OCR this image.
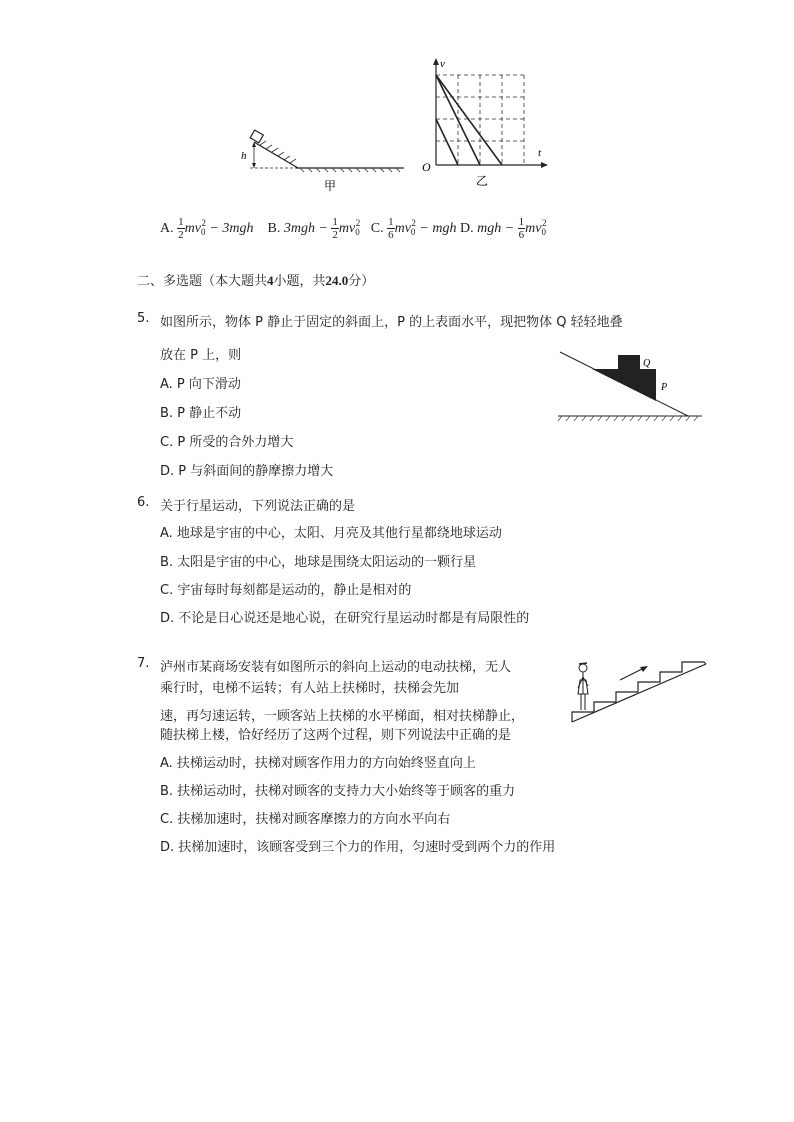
h
甲
v
t
O
乙
A. $\frac{1}{2} mv_0^2 - 3mgh$ B. $3mgh - \frac{1}{2} mv_0^2$ C. $\frac{1}{6} mv_0^2$ − mgh D. mgh − $\frac{1}{6} mv_0^2$
二、多选题（本大题共4小题，共24.0分）
5. 如图所示，物体 P 静止于固定的斜面上，P 的上表面水平，现把物体 Q 轻轻地叠
放在 P 上，则
A. P 向下滑动
B. P 静止不动
C. P 所受的合外力增大
D. P 与斜面间的静摩擦力增大
Q
P
6. 关于行星运动，下列说法正确的是
A. 地球是宇宙的中心，太阳、月亮及其他行星都绕地球运动
B. 太阳是宇宙的中心，地球是围绕太阳运动的一颗行星
C. 宇宙每时每刻都是运动的，静止是相对的
D. 不论是日心说还是地心说，在研究行星运动时都是有局限性的
7. 泸州市某商场安装有如图所示的斜向上运动的电动扶梯，无人
乘行时，电梯不运转；有人站上扶梯时，扶梯会先加
速，再匀速运转，一顾客站上扶梯的水平梯面，相对扶梯静止，
随扶梯上楼，恰好经历了这两个过程，则下列说法中正确的是
A. 扶梯运动时，扶梯对顾客作用力的方向始终竖直向上
B. 扶梯运动时，扶梯对顾客的支持力大小始终等于顾客的重力
C. 扶梯加速时，扶梯对顾客摩擦力的方向水平向右
D. 扶梯加速时，该顾客受到三个力的作用，匀速时受到两个力的作用
